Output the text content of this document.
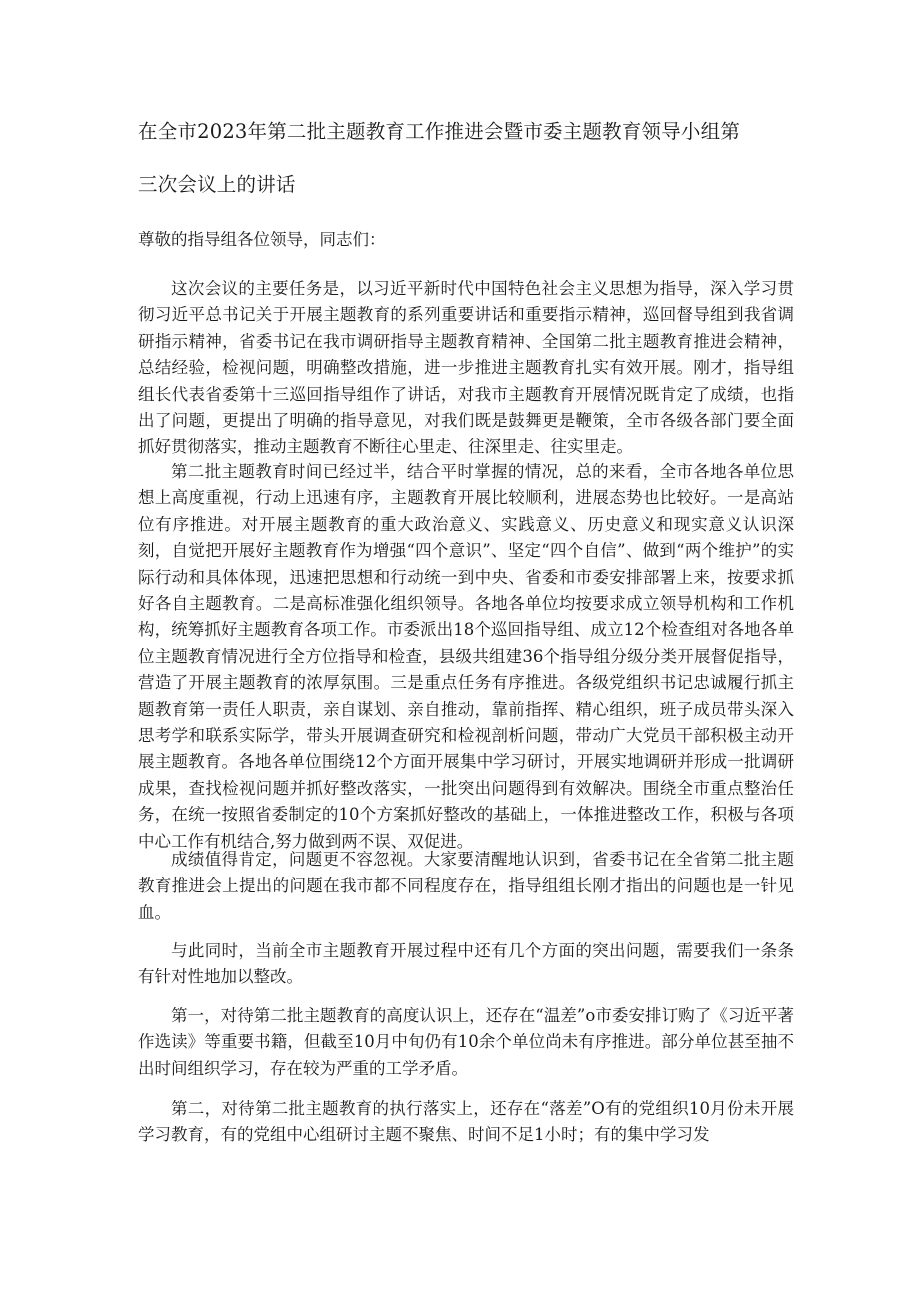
在全市2023年第二批主题教育工作推进会暨市委主题教育领导小组第
三次会议上的讲话

尊敬的指导组各位领导，同志们：

这次会议的主要任务是，以习近平新时代中国特色社会主义思想为指导，深入学习贯彻习近平总书记关于开展主题教育的系列重要讲话和重要指示精神，巡回督导组到我省调研指示精神，省委书记在我市调研指导主题教育精神、全国第二批主题教育推进会精神，总结经验，检视问题，明确整改措施，进一步推进主题教育扎实有效开展。刚才，指导组组长代表省委第十三巡回指导组作了讲话，对我市主题教育开展情况既肯定了成绩，也指出了问题，更提出了明确的指导意见，对我们既是鼓舞更是鞭策，全市各级各部门要全面抓好贯彻落实，推动主题教育不断往心里走、往深里走、往实里走。

第二批主题教育时间已经过半，结合平时掌握的情况，总的来看，全市各地各单位思想上高度重视，行动上迅速有序，主题教育开展比较顺利，进展态势也比较好。一是高站位有序推进。对开展主题教育的重大政治意义、实践意义、历史意义和现实意义认识深刻，自觉把开展好主题教育作为增强“四个意识”、坚定“四个自信”、做到“两个维护”的实际行动和具体体现，迅速把思想和行动统一到中央、省委和市委安排部署上来，按要求抓好各自主题教育。二是高标准强化组织领导。各地各单位均按要求成立领导机构和工作机构，统筹抓好主题教育各项工作。市委派出18个巡回指导组、成立12个检查组对各地各单位主题教育情况进行全方位指导和检查，县级共组建36个指导组分级分类开展督促指导，营造了开展主题教育的浓厚氛围。三是重点任务有序推进。各级党组织书记忠诚履行抓主题教育第一责任人职责，亲自谋划、亲自推动，靠前指挥、精心组织，班子成员带头深入思考学和联系实际学，带头开展调查研究和检视剖析问题，带动广大党员干部积极主动开展主题教育。各地各单位围绕12个方面开展集中学习研讨，开展实地调研并形成一批调研成果，查找检视问题并抓好整改落实，一批突出问题得到有效解决。围绕全市重点整治任务，在统一按照省委制定的10个方案抓好整改的基础上，一体推进整改工作，积极与各项中心工作有机结合,努力做到两不误、双促进。

成绩值得肯定，问题更不容忽视。大家要清醒地认识到，省委书记在全省第二批主题教育推进会上提出的问题在我市都不同程度存在，指导组组长刚才指出的问题也是一针见血。

与此同时，当前全市主题教育开展过程中还有几个方面的突出问题，需要我们一条条有针对性地加以整改。

第一，对待第二批主题教育的高度认识上，还存在“温差”o市委安排订购了《习近平著作选读》等重要书籍，但截至10月中旬仍有10余个单位尚未有序推进。部分单位甚至抽不出时间组织学习，存在较为严重的工学矛盾。

第二，对待第二批主题教育的执行落实上，还存在“落差”O有的党组织10月份未开展学习教育，有的党组中心组研讨主题不聚焦、时间不足1小时；有的集中学习发
